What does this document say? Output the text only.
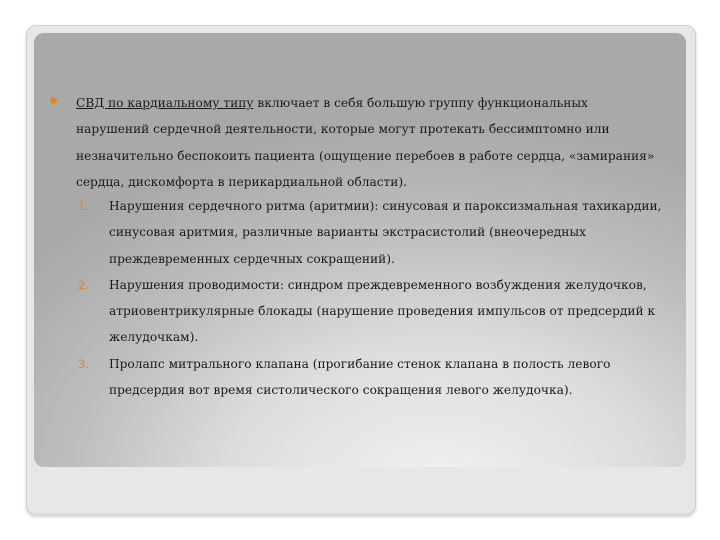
СВД по кардиальному типу включает в себя большую группу функциональных нарушений сердечной деятельности, которые могут протекать бессимптомно или незначительно беспокоить пациента (ощущение перебоев в работе сердца, «замирания» сердца, дискомфорта в перикардиальной области).
1. Нарушения сердечного ритма (аритмии): синусовая и пароксизмальная тахикардии, синусовая аритмия, различные варианты экстрасистолий (внеочередных преждевременных сердечных сокращений).
2. Нарушения проводимости: синдром преждевременного возбуждения желудочков, атриовентрикулярные блокады (нарушение проведения импульсов от предсердий к желудочкам).
3. Пролапс митрального клапана (прогибание стенок клапана в полость левого предсердия вот время систолического сокращения левого желудочка).
